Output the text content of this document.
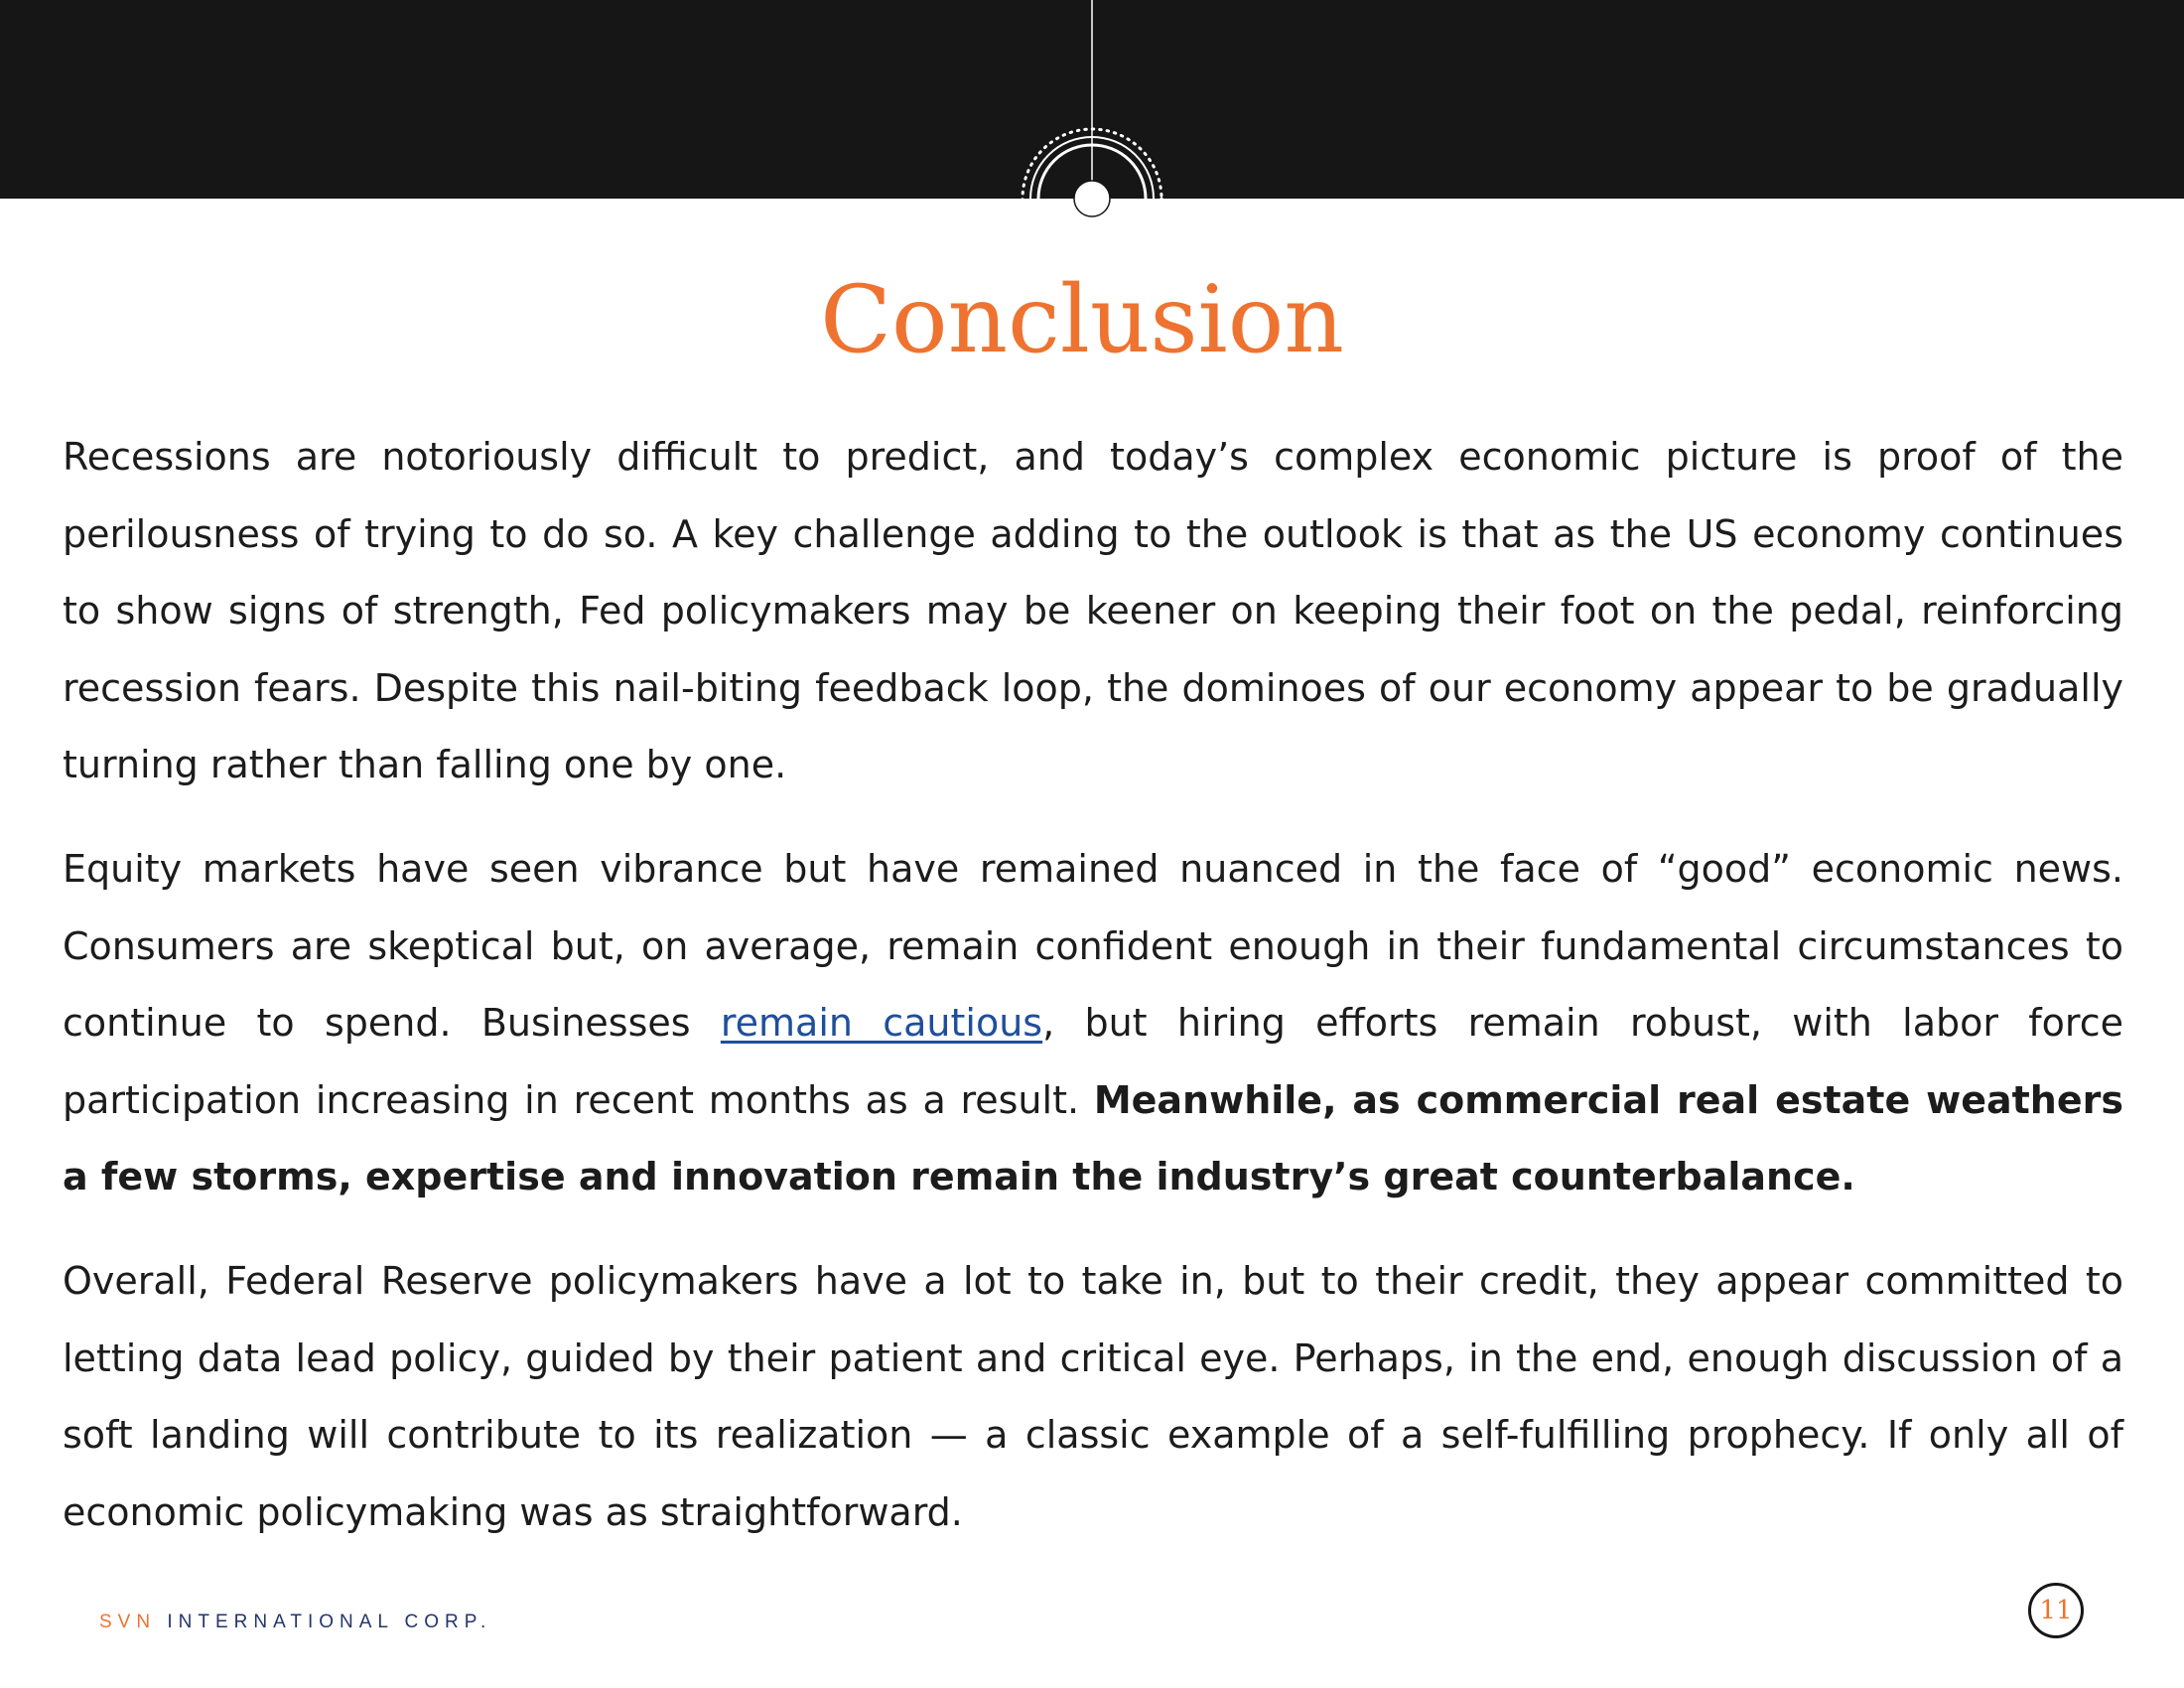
Conclusion

Recessions are notoriously difficult to predict, and today’s complex economic picture is proof of the perilousness of trying to do so. A key challenge adding to the outlook is that as the US economy continues to show signs of strength, Fed policymakers may be keener on keeping their foot on the pedal, reinforcing recession fears. Despite this nail-biting feedback loop, the dominoes of our economy appear to be gradually turning rather than falling one by one.

Equity markets have seen vibrance but have remained nuanced in the face of “good” economic news. Consumers are skeptical but, on average, remain confident enough in their fundamental circumstances to continue to spend. Businesses remain cautious, but hiring efforts remain robust, with labor force participation increasing in recent months as a result. Meanwhile, as commercial real estate weathers a few storms, expertise and innovation remain the industry’s great counterbalance.

Overall, Federal Reserve policymakers have a lot to take in, but to their credit, they appear committed to letting data lead policy, guided by their patient and critical eye. Perhaps, in the end, enough discussion of a soft landing will contribute to its realization — a classic example of a self-fulfilling prophecy. If only all of economic policymaking was as straightforward.

SVN INTERNATIONAL CORP.	11
